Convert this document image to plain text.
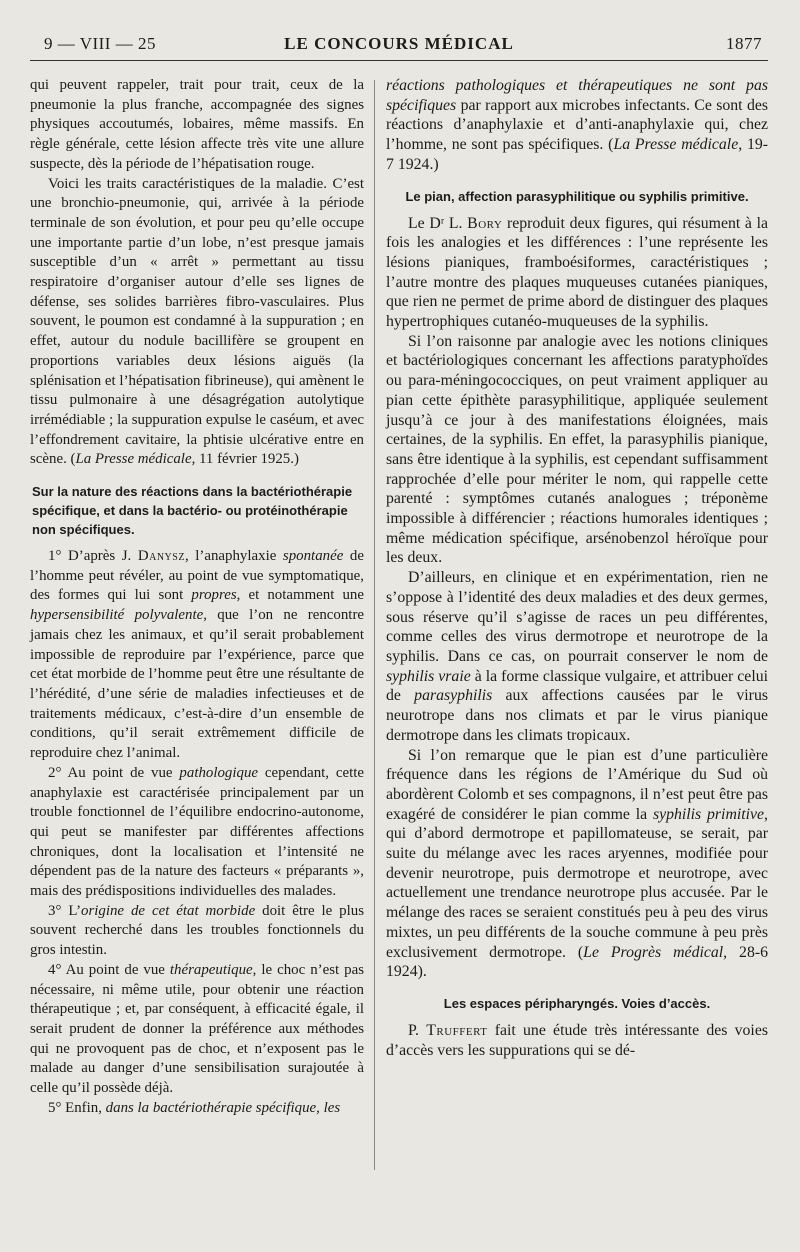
9 — VIII — 25	LE CONCOURS MÉDICAL	1877

qui peuvent rappeler, trait pour trait, ceux de la pneumonie la plus franche, accompagnée des signes physiques accoutumés, lobaires, même massifs. En règle générale, cette lésion affecte très vite une allure suspecte, dès la période de l’hépatisation rouge.

Voici les traits caractéristiques de la maladie. C’est une bronchio-pneumonie, qui, arrivée à la période terminale de son évolution, et pour peu qu’elle occupe une importante partie d’un lobe, n’est presque jamais susceptible d’un « arrêt » permettant au tissu respiratoire d’organiser autour d’elle ses lignes de défense, ses solides barrières fibro-vasculaires. Plus souvent, le poumon est condamné à la suppuration ; en effet, autour du nodule bacillifère se groupent en proportions variables deux lésions aiguës (la splénisation et l’hépatisation fibrineuse), qui amènent le tissu pulmonaire à une désagrégation autolytique irrémédiable ; la suppuration expulse le caséum, et avec l’effondrement cavitaire, la phtisie ulcérative entre en scène. (La Presse médicale, 11 février 1925.)

Sur la nature des réactions dans la bactériothérapie spécifique, et dans la bactério- ou protéinothérapie non spécifiques.

1° D’après J. Danysz, l’anaphylaxie spontanée de l’homme peut révéler, au point de vue symptomatique, des formes qui lui sont propres, et notamment une hypersensibilité polyvalente, que l’on ne rencontre jamais chez les animaux, et qu’il serait probablement impossible de reproduire par l’expérience, parce que cet état morbide de l’homme peut être une résultante de l’hérédité, d’une série de maladies infectieuses et de traitements médicaux, c’est-à-dire d’un ensemble de conditions, qu’il serait extrêmement difficile de reproduire chez l’animal.

2° Au point de vue pathologique cependant, cette anaphylaxie est caractérisée principalement par un trouble fonctionnel de l’équilibre endocrino-autonome, qui peut se manifester par différentes affections chroniques, dont la localisation et l’intensité ne dépendent pas de la nature des facteurs « préparants », mais des prédispositions individuelles des malades.

3° L’origine de cet état morbide doit être le plus souvent recherché dans les troubles fonctionnels du gros intestin.

4° Au point de vue thérapeutique, le choc n’est pas nécessaire, ni même utile, pour obtenir une réaction thérapeutique ; et, par conséquent, à efficacité égale, il serait prudent de donner la préférence aux méthodes qui ne provoquent pas de choc, et n’exposent pas le malade au danger d’une sensibilisation surajoutée à celle qu’il possède déjà.

5° Enfin, dans la bactériothérapie spécifique, les

réactions pathologiques et thérapeutiques ne sont pas spécifiques par rapport aux microbes infectants. Ce sont des réactions d’anaphylaxie et d’anti-anaphylaxie qui, chez l’homme, ne sont pas spécifiques. (La Presse médicale, 19-7 1924.)

Le pian, affection parasyphilitique ou syphilis primitive.

Le Dʳ L. Bory reproduit deux figures, qui résument à la fois les analogies et les différences : l’une représente les lésions pianiques, framboésiformes, caractéristiques ; l’autre montre des plaques muqueuses cutanées pianiques, que rien ne permet de prime abord de distinguer des plaques hypertrophiques cutanéo-muqueuses de la syphilis.

Si l’on raisonne par analogie avec les notions cliniques et bactériologiques concernant les affections paratyphoïdes ou para-méningococciques, on peut vraiment appliquer au pian cette épithète parasyphilitique, appliquée seulement jusqu’à ce jour à des manifestations éloignées, mais certaines, de la syphilis. En effet, la parasyphilis pianique, sans être identique à la syphilis, est cependant suffisamment rapprochée d’elle pour mériter le nom, qui rappelle cette parenté : symptômes cutanés analogues ; tréponème impossible à différencier ; réactions humorales identiques ; même médication spécifique, arsénobenzol héroïque pour les deux.

D’ailleurs, en clinique et en expérimentation, rien ne s’oppose à l’identité des deux maladies et des deux germes, sous réserve qu’il s’agisse de races un peu différentes, comme celles des virus dermotrope et neurotrope de la syphilis. Dans ce cas, on pourrait conserver le nom de syphilis vraie à la forme classique vulgaire, et attribuer celui de parasyphilis aux affections causées par le virus neurotrope dans nos climats et par le virus pianique dermotrope dans les climats tropicaux.

Si l’on remarque que le pian est d’une particulière fréquence dans les régions de l’Amérique du Sud où abordèrent Colomb et ses compagnons, il n’est peut être pas exagéré de considérer le pian comme la syphilis primitive, qui d’abord dermotrope et papillomateuse, se serait, par suite du mélange avec les races aryennes, modifiée pour devenir neurotrope, puis dermotrope et neurotrope, avec actuellement une trendance neurotrope plus accusée. Par le mélange des races se seraient constitués peu à peu des virus mixtes, un peu différents de la souche commune à peu près exclusivement dermotrope. (Le Progrès médical, 28-6 1924).

Les espaces péripharyngés. Voies d’accès.

P. Truffert fait une étude très intéressante des voies d’accès vers les suppurations qui se dé-
